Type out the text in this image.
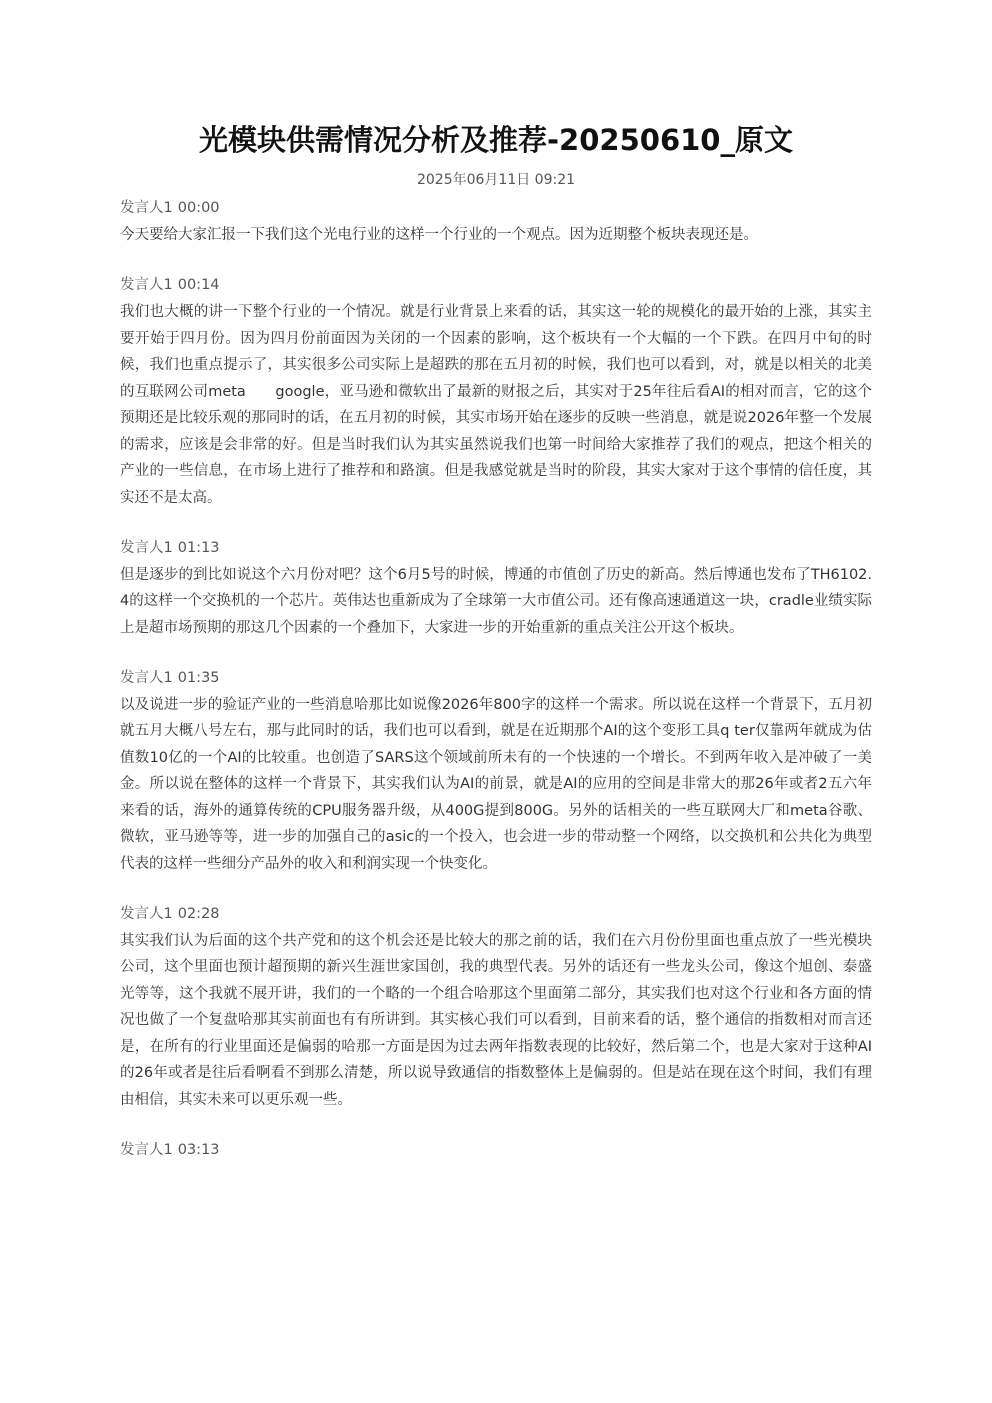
光模块供需情况分析及推荐-20250610_原文
2025年06月11日 09:21
发言人1 00:00

今天要给大家汇报一下我们这个光电行业的这样一个行业的一个观点。因为近期整个板块表现还是。

发言人1 00:14

我们也大概的讲一下整个行业的一个情况。就是行业背景上来看的话，其实这一轮的规模化的最开始的上涨，其实主要开始于四月份。因为四月份前面因为关闭的一个因素的影响，这个板块有一个大幅的一个下跌。在四月中旬的时候，我们也重点提示了，其实很多公司实际上是超跌的那在五月初的时候，我们也可以看到，对，就是以相关的北美的互联网公司meta　　google，亚马逊和微软出了最新的财报之后，其实对于25年往后看AI的相对而言，它的这个预期还是比较乐观的那同时的话，在五月初的时候，其实市场开始在逐步的反映一些消息，就是说2026年整一个发展的需求，应该是会非常的好。但是当时我们认为其实虽然说我们也第一时间给大家推荐了我们的观点，把这个相关的产业的一些信息，在市场上进行了推荐和和路演。但是我感觉就是当时的阶段，其实大家对于这个事情的信任度，其实还不是太高。

发言人1 01:13

但是逐步的到比如说这个六月份对吧？这个6月5号的时候，博通的市值创了历史的新高。然后博通也发布了TH6102.4的这样一个交换机的一个芯片。英伟达也重新成为了全球第一大市值公司。还有像高速通道这一块，cradle业绩实际上是超市场预期的那这几个因素的一个叠加下，大家进一步的开始重新的重点关注公开这个板块。

发言人1 01:35

以及说进一步的验证产业的一些消息哈那比如说像2026年800字的这样一个需求。所以说在这样一个背景下，五月初就五月大概八号左右，那与此同时的话，我们也可以看到，就是在近期那个AI的这个变形工具q ter仅靠两年就成为估值数10亿的一个AI的比较重。也创造了SARS这个领域前所未有的一个快速的一个增长。不到两年收入是冲破了一美金。所以说在整体的这样一个背景下，其实我们认为AI的前景，就是AI的应用的空间是非常大的那26年或者2五六年来看的话，海外的通算传统的CPU服务器升级，从400G提到800G。另外的话相关的一些互联网大厂和meta谷歌、微软，亚马逊等等，进一步的加强自己的asic的一个投入，也会进一步的带动整一个网络，以交换机和公共化为典型代表的这样一些细分产品外的收入和利润实现一个快变化。

发言人1 02:28

其实我们认为后面的这个共产党和的这个机会还是比较大的那之前的话，我们在六月份份里面也重点放了一些光模块公司，这个里面也预计超预期的新兴生涯世家国创，我的典型代表。另外的话还有一些龙头公司，像这个旭创、泰盛光等等，这个我就不展开讲，我们的一个略的一个组合哈那这个里面第二部分，其实我们也对这个行业和各方面的情况也做了一个复盘哈那其实前面也有有所讲到。其实核心我们可以看到，目前来看的话，整个通信的指数相对而言还是，在所有的行业里面还是偏弱的哈那一方面是因为过去两年指数表现的比较好，然后第二个，也是大家对于这种AI的26年或者是往后看啊看不到那么清楚，所以说导致通信的指数整体上是偏弱的。但是站在现在这个时间，我们有理由相信，其实未来可以更乐观一些。

发言人1 03:13
